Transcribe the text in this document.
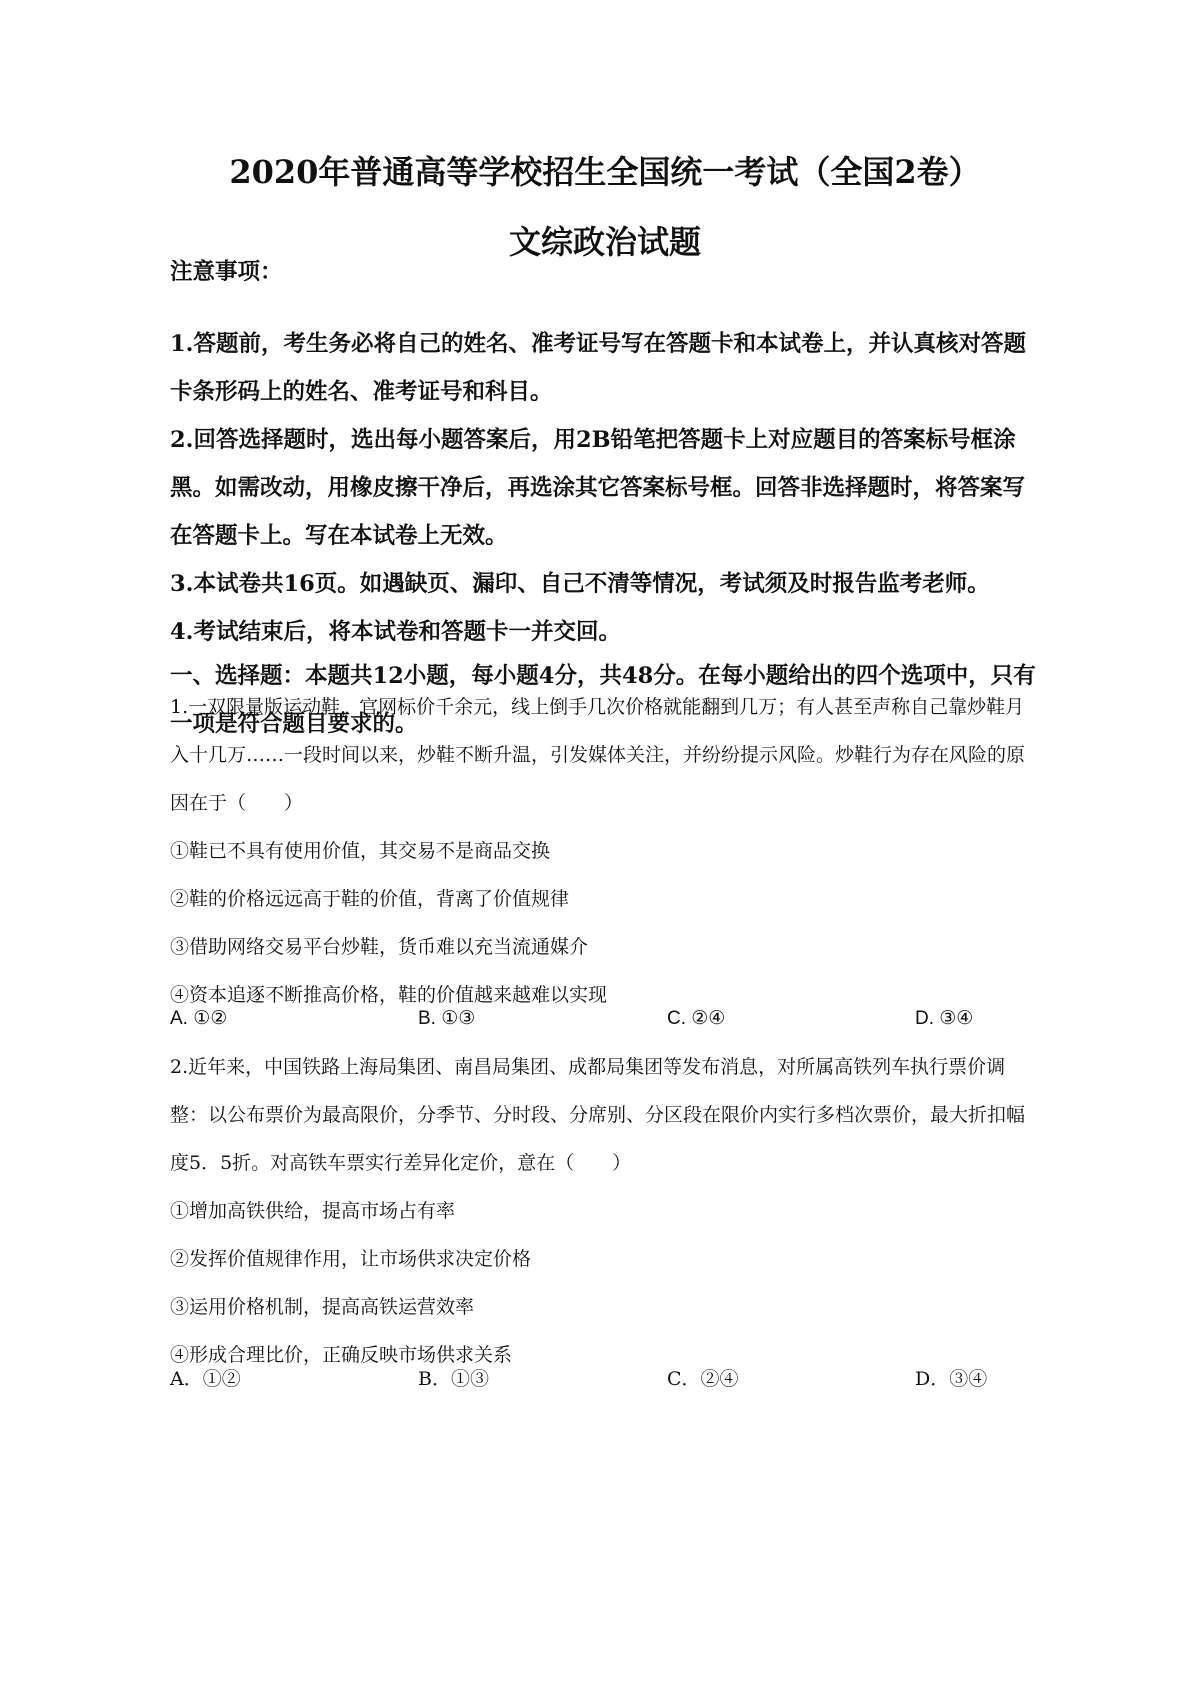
2020年普通高等学校招生全国统一考试（全国2卷）
文综政治试题
注意事项：

1.答题前，考生务必将自己的姓名、准考证号写在答题卡和本试卷上，并认真核对答题卡条形码上的姓名、准考证号和科目。

2.回答选择题时，选出每小题答案后，用2B铅笔把答题卡上对应题目的答案标号框涂黑。如需改动，用橡皮擦干净后，再选涂其它答案标号框。回答非选择题时，将答案写在答题卡上。写在本试卷上无效。

3.本试卷共16页。如遇缺页、漏印、自己不清等情况，考试须及时报告监考老师。

4.考试结束后，将本试卷和答题卡一并交回。

一、选择题：本题共12小题，每小题4分，共48分。在每小题给出的四个选项中，只有一项是符合题目要求的。

1.一双限量版运动鞋，官网标价千余元，线上倒手几次价格就能翻到几万；有人甚至声称自己靠炒鞋月入十几万……一段时间以来，炒鞋不断升温，引发媒体关注，并纷纷提示风险。炒鞋行为存在风险的原因在于（　　）

①鞋已不具有使用价值，其交易不是商品交换

②鞋的价格远远高于鞋的价值，背离了价值规律

③借助网络交易平台炒鞋，货币难以充当流通媒介

④资本追逐不断推高价格，鞋的价值越来越难以实现

A. ①②	B. ①③	C. ②④	D. ③④

2.近年来，中国铁路上海局集团、南昌局集团、成都局集团等发布消息，对所属高铁列车执行票价调整：以公布票价为最高限价，分季节、分时段、分席别、分区段在限价内实行多档次票价，最大折扣幅度5．5折。对高铁车票实行差异化定价，意在（　　）

①增加高铁供给，提高市场占有率

②发挥价值规律作用，让市场供求决定价格

③运用价格机制，提高高铁运营效率

④形成合理比价，正确反映市场供求关系

A．①②	B．①③	C．②④	D．③④
